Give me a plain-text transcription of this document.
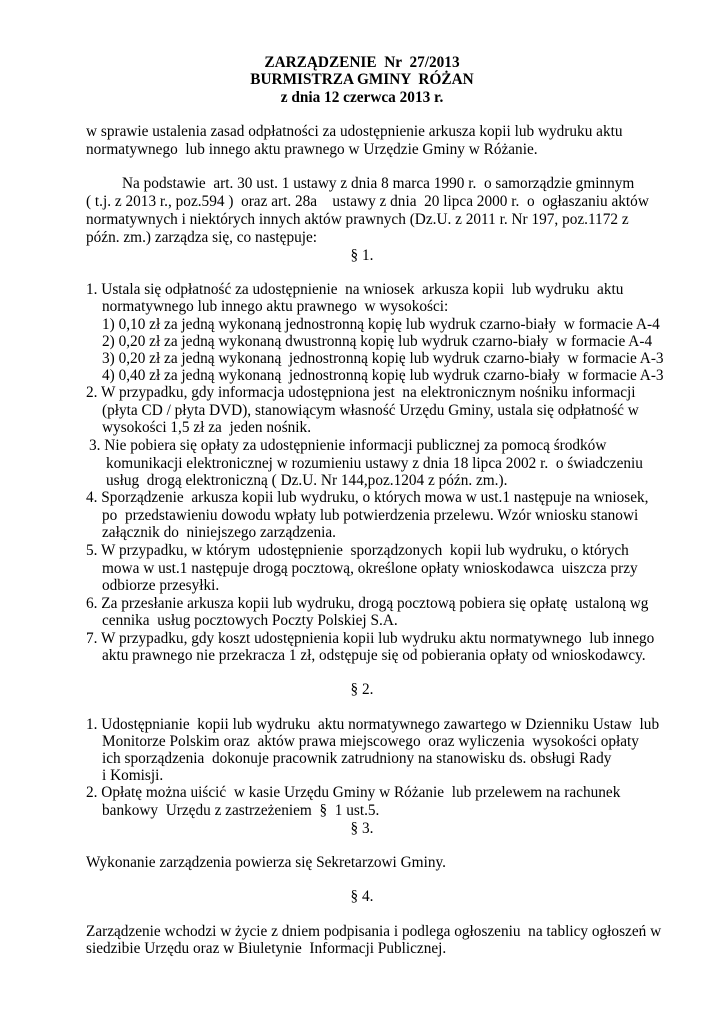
ZARZĄDZENIE  Nr  27/2013
BURMISTRZA GMINY  RÓŻAN
z dnia 12 czerwca 2013 r.
w sprawie ustalenia zasad odpłatności za udostępnienie arkusza kopii lub wydruku aktu
normatywnego  lub innego aktu prawnego w Urzędzie Gminy w Różanie.
Na podstawie  art. 30 ust. 1 ustawy z dnia 8 marca 1990 r.  o samorządzie gminnym
( t.j. z 2013 r., poz.594 )  oraz art. 28a    ustawy z dnia  20 lipca 2000 r.  o  ogłaszaniu aktów
normatywnych i niektórych innych aktów prawnych (Dz.U. z 2011 r. Nr 197, poz.1172 z
późn. zm.) zarządza się, co następuje:
§ 1.
1. Ustala się odpłatność za udostępnienie  na wniosek  arkusza kopii  lub wydruku  aktu
normatywnego lub innego aktu prawnego  w wysokości:
1) 0,10 zł za jedną wykonaną jednostronną kopię lub wydruk czarno-biały  w formacie A-4
2) 0,20 zł za jedną wykonaną dwustronną kopię lub wydruk czarno-biały  w formacie A-4
3) 0,20 zł za jedną wykonaną  jednostronną kopię lub wydruk czarno-biały  w formacie A-3
4) 0,40 zł za jedną wykonaną  jednostronną kopię lub wydruk czarno-biały  w formacie A-3
2. W przypadku, gdy informacja udostępniona jest  na elektronicznym nośniku informacji
(płyta CD / płyta DVD), stanowiącym własność Urzędu Gminy, ustala się odpłatność w
wysokości 1,5 zł za  jeden nośnik.
3. Nie pobiera się opłaty za udostępnienie informacji publicznej za pomocą środków
komunikacji elektronicznej w rozumieniu ustawy z dnia 18 lipca 2002 r.  o świadczeniu
usług  drogą elektroniczną ( Dz.U. Nr 144,poz.1204 z późn. zm.).
4. Sporządzenie  arkusza kopii lub wydruku, o których mowa w ust.1 następuje na wniosek,
po  przedstawieniu dowodu wpłaty lub potwierdzenia przelewu. Wzór wniosku stanowi
załącznik do  niniejszego zarządzenia.
5. W przypadku, w którym  udostępnienie  sporządzonych  kopii lub wydruku, o których
mowa w ust.1 następuje drogą pocztową, określone opłaty wnioskodawca  uiszcza przy
odbiorze przesyłki.
6. Za przesłanie arkusza kopii lub wydruku, drogą pocztową pobiera się opłatę  ustaloną wg
cennika  usług pocztowych Poczty Polskiej S.A.
7. W przypadku, gdy koszt udostępnienia kopii lub wydruku aktu normatywnego  lub innego
aktu prawnego nie przekracza 1 zł, odstępuje się od pobierania opłaty od wnioskodawcy.
§ 2.
1. Udostępnianie  kopii lub wydruku  aktu normatywnego zawartego w Dzienniku Ustaw  lub
Monitorze Polskim oraz  aktów prawa miejscowego  oraz wyliczenia  wysokości opłaty
ich sporządzenia  dokonuje pracownik zatrudniony na stanowisku ds. obsługi Rady
i Komisji.
2. Opłatę można uiścić  w kasie Urzędu Gminy w Różanie  lub przelewem na rachunek
bankowy  Urzędu z zastrzeżeniem  §  1 ust.5.
§ 3.
Wykonanie zarządzenia powierza się Sekretarzowi Gminy.
§ 4.
Zarządzenie wchodzi w życie z dniem podpisania i podlega ogłoszeniu  na tablicy ogłoszeń w
siedzibie Urzędu oraz w Biuletynie  Informacji Publicznej.
